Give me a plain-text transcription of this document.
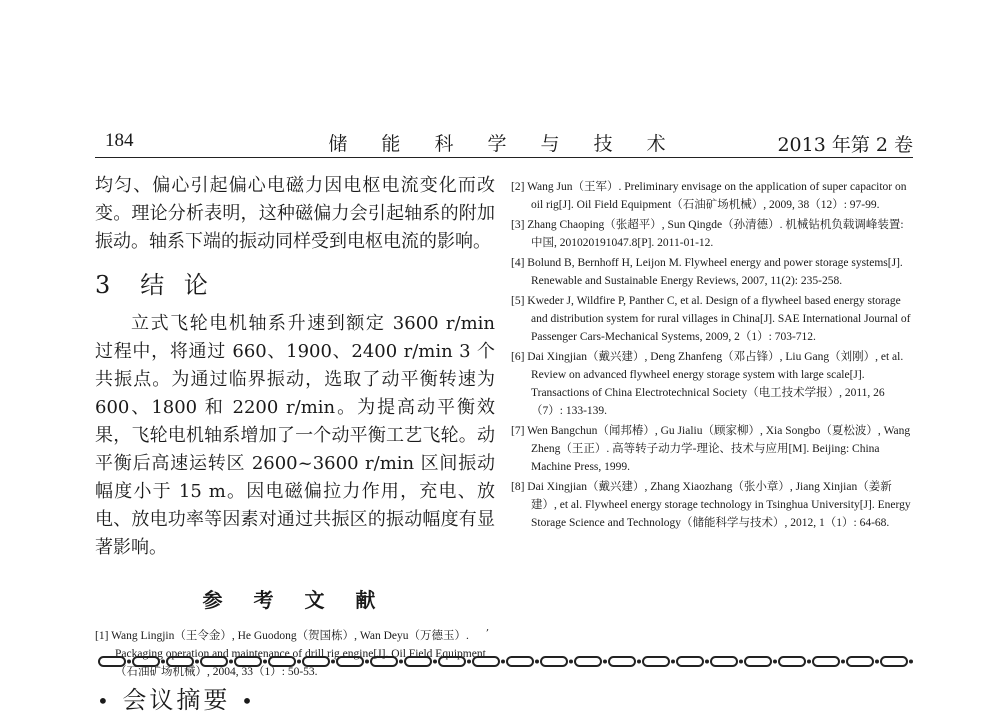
184	储 能 科 学 与 技 术	2013 年第 2 卷

均匀、偏心引起偏心电磁力因电枢电流变化而改变。理论分析表明，这种磁偏力会引起轴系的附加振动。轴系下端的振动同样受到电枢电流的影响。

3 结 论

立式飞轮电机轴系升速到额定 3600 r/min 过程中，将通过 660、1900、2400 r/min 3 个共振点。为通过临界振动，选取了动平衡转速为 600、1800 和 2200 r/min。为提高动平衡效果，飞轮电机轴系增加了一个动平衡工艺飞轮。动平衡后高速运转区 2600~3600 r/min 区间振动幅度小于 15 m。因电磁偏拉力作用，充电、放电、放电功率等因素对通过共振区的振动幅度有显著影响。

参 考 文 献

[1] Wang Lingjin（王令金）, He Guodong（贺国栋）, Wan Deyu（万德玉）. Packaging operation and maintenance of drill rig engine[J]. Oil Field Equipment（石油矿场机械）, 2004, 33（1）: 50-53.

[2] Wang Jun（王军）. Preliminary envisage on the application of super capacitor on oil rig[J]. Oil Field Equipment（石油矿场机械）, 2009, 38（12）: 97-99.

[3] Zhang Chaoping（张超平）, Sun Qingde（孙清德）. 机械钻机负载调峰装置: 中国, 201020191047.8[P]. 2011-01-12.

[4] Bolund B, Bernhoff H, Leijon M. Flywheel energy and power storage systems[J]. Renewable and Sustainable Energy Reviews, 2007, 11(2): 235-258.

[5] Kweder J, Wildfire P, Panther C, et al. Design of a flywheel based energy storage and distribution system for rural villages in China[J]. SAE International Journal of Passenger Cars-Mechanical Systems, 2009, 2（1）: 703-712.

[6] Dai Xingjian（戴兴建）, Deng Zhanfeng（邓占锋）, Liu Gang（刘刚）, et al. Review on advanced flywheel energy storage system with large scale[J]. Transactions of China Electrotechnical Society（电工技术学报）, 2011, 26（7）: 133-139.

[7] Wen Bangchun（闻邦椿）, Gu Jialiu（顾家柳）, Xia Songbo（夏松波）, Wang Zheng（王正）. 高等转子动力学-理论、技术与应用[M]. Beijing: China Machine Press, 1999.

[8] Dai Xingjian（戴兴建）, Zhang Xiaozhang（张小章）, Jiang Xinjian（姜新建）, et al. Flywheel energy storage technology in Tsinghua University[J]. Energy Storage Science and Technology（储能科学与技术）, 2012, 1（1）: 64-68.

,
• 会议摘要 •
